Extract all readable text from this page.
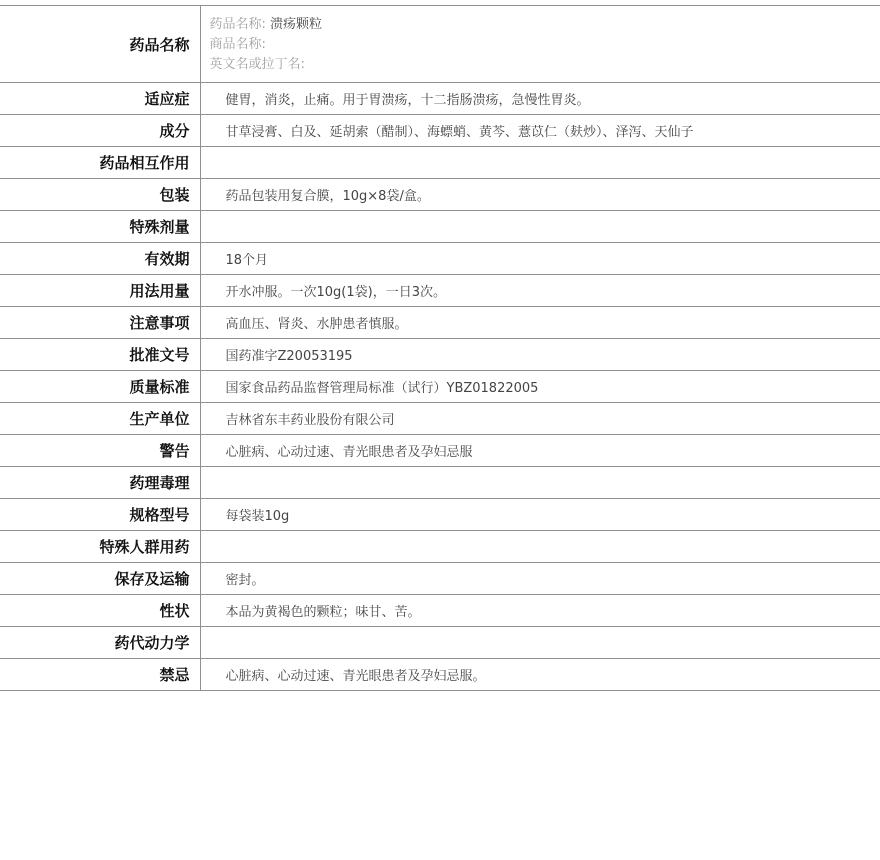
药品名称	药品名称: 溃疡颗粒
商品名称:
英文名或拉丁名:

适应症	健胃，消炎，止痛。用于胃溃疡，十二指肠溃疡，急慢性胃炎。
成分	甘草浸膏、白及、延胡索（醋制）、海螵蛸、黄芩、薏苡仁（麸炒）、泽泻、天仙子
药品相互作用	
包装	药品包装用复合膜，10g×8袋/盒。
特殊剂量	
有效期	18个月
用法用量	开水冲服。一次10g(1袋)，一日3次。
注意事项	高血压、肾炎、水肿患者慎服。
批准文号	国药准字Z20053195
质量标准	国家食品药品监督管理局标准（试行）YBZ01822005
生产单位	吉林省东丰药业股份有限公司
警告	心脏病、心动过速、青光眼患者及孕妇忌服
药理毒理	
规格型号	每袋装10g
特殊人群用药	
保存及运输	密封。
性状	本品为黄褐色的颗粒；味甘、苦。
药代动力学	
禁忌	心脏病、心动过速、青光眼患者及孕妇忌服。
